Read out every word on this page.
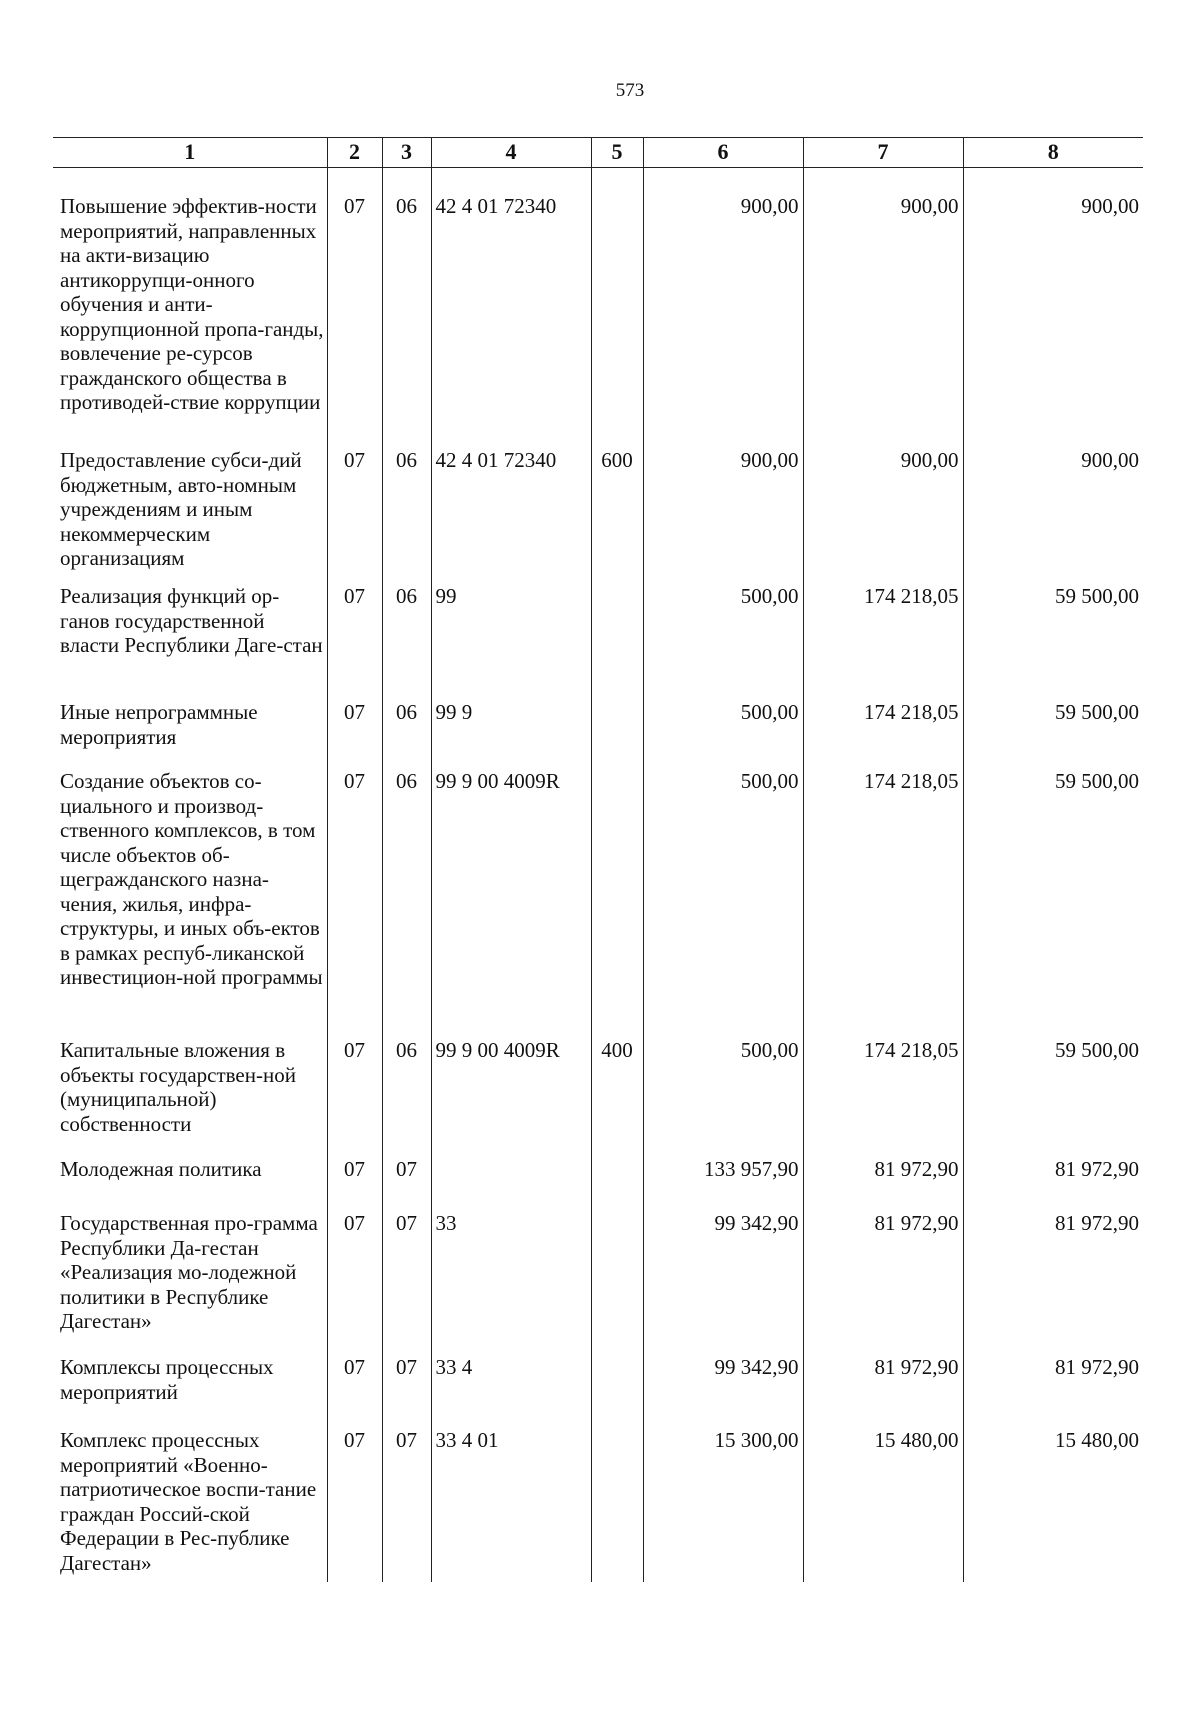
573
1	2	3	4	5	6	7	8

Повышение эффектив-ности мероприятий, направленных на акти-визацию антикоррупци-онного обучения и анти-коррупционной пропа-ганды, вовлечение ре-сурсов гражданского общества в противодей-ствие коррупции	07	06	42 4 01 72340		900,00	900,00	900,00
Предоставление субси-дий бюджетным, авто-номным учреждениям и иным некоммерческим организациям	07	06	42 4 01 72340	600	900,00	900,00	900,00
Реализация функций ор-ганов государственной власти Республики Даге-стан	07	06	99		500,00	174 218,05	59 500,00
Иные непрограммные мероприятия	07	06	99 9		500,00	174 218,05	59 500,00
Создание объектов со-циального и производ-ственного комплексов, в том числе объектов об-щегражданского назна-чения, жилья, инфра-структуры, и иных объ-ектов в рамках респуб-ликанской инвестицион-ной программы	07	06	99 9 00 4009R		500,00	174 218,05	59 500,00
Капитальные вложения в объекты государствен-ной (муниципальной) собственности	07	06	99 9 00 4009R	400	500,00	174 218,05	59 500,00
Молодежная политика	07	07			133 957,90	81 972,90	81 972,90
Государственная про-грамма Республики Да-гестан «Реализация мо-лодежной политики в Республике Дагестан»	07	07	33		99 342,90	81 972,90	81 972,90
Комплексы процессных мероприятий	07	07	33 4		99 342,90	81 972,90	81 972,90
Комплекс процессных мероприятий «Военно-патриотическое воспи-тание граждан Россий-ской Федерации в Рес-публике Дагестан»	07	07	33 4 01		15 300,00	15 480,00	15 480,00
